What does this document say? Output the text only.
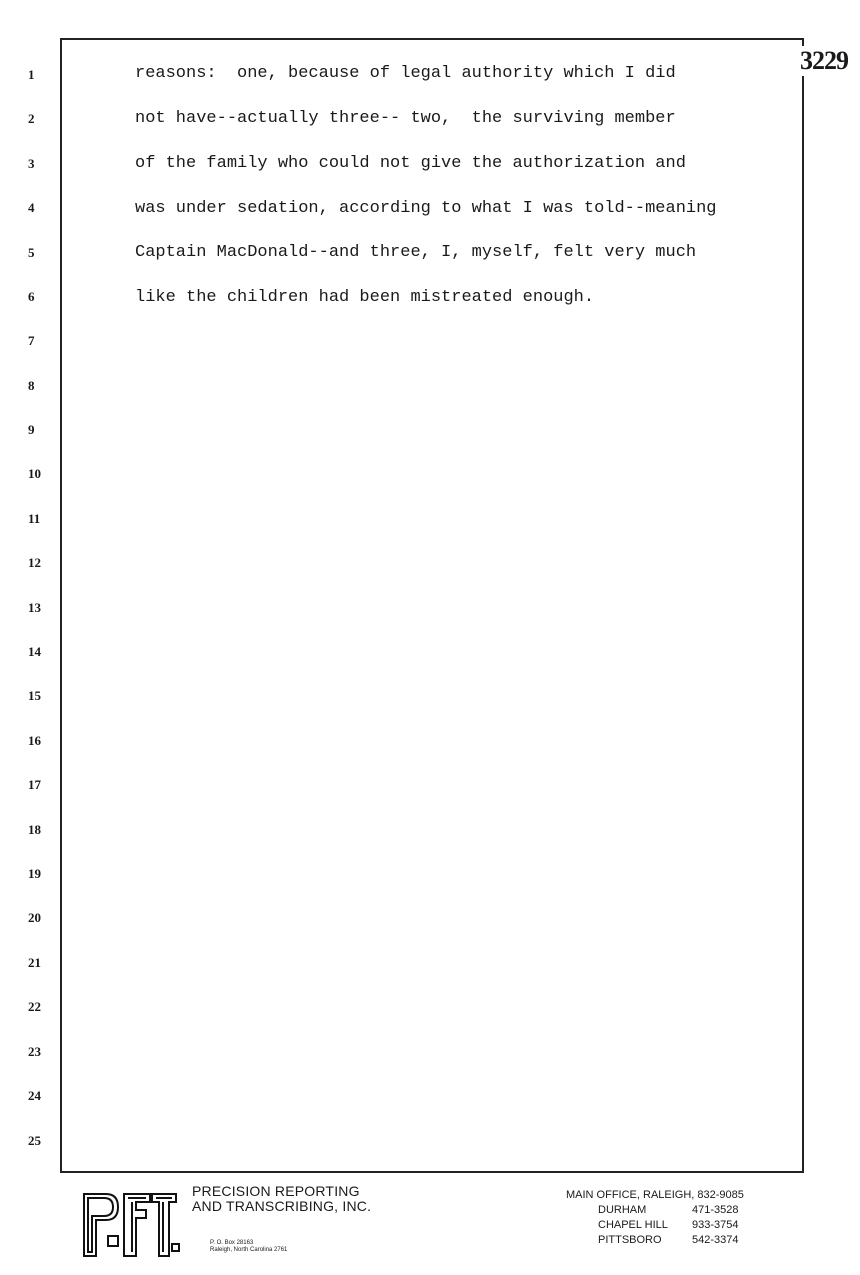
3229
1
2
3
4
5
6
7
8
9
10
11
12
13
14
15
16
17
18
19
20
21
22
23
24
25
reasons:  one, because of legal authority which I did
not have--actually three-- two,  the surviving member
of the family who could not give the authorization and
was under sedation, according to what I was told--meaning
Captain MacDonald--and three, I, myself, felt very much
like the children had been mistreated enough.
PRECISION REPORTING
AND TRANSCRIBING, INC.
P. O. Box 28163
Raleigh, North Carolina 2761
MAIN OFFICE, RALEIGH, 832-9085
DURHAM	471-3528
CHAPEL HILL 933-3754
PITTSBORO	542-3374
